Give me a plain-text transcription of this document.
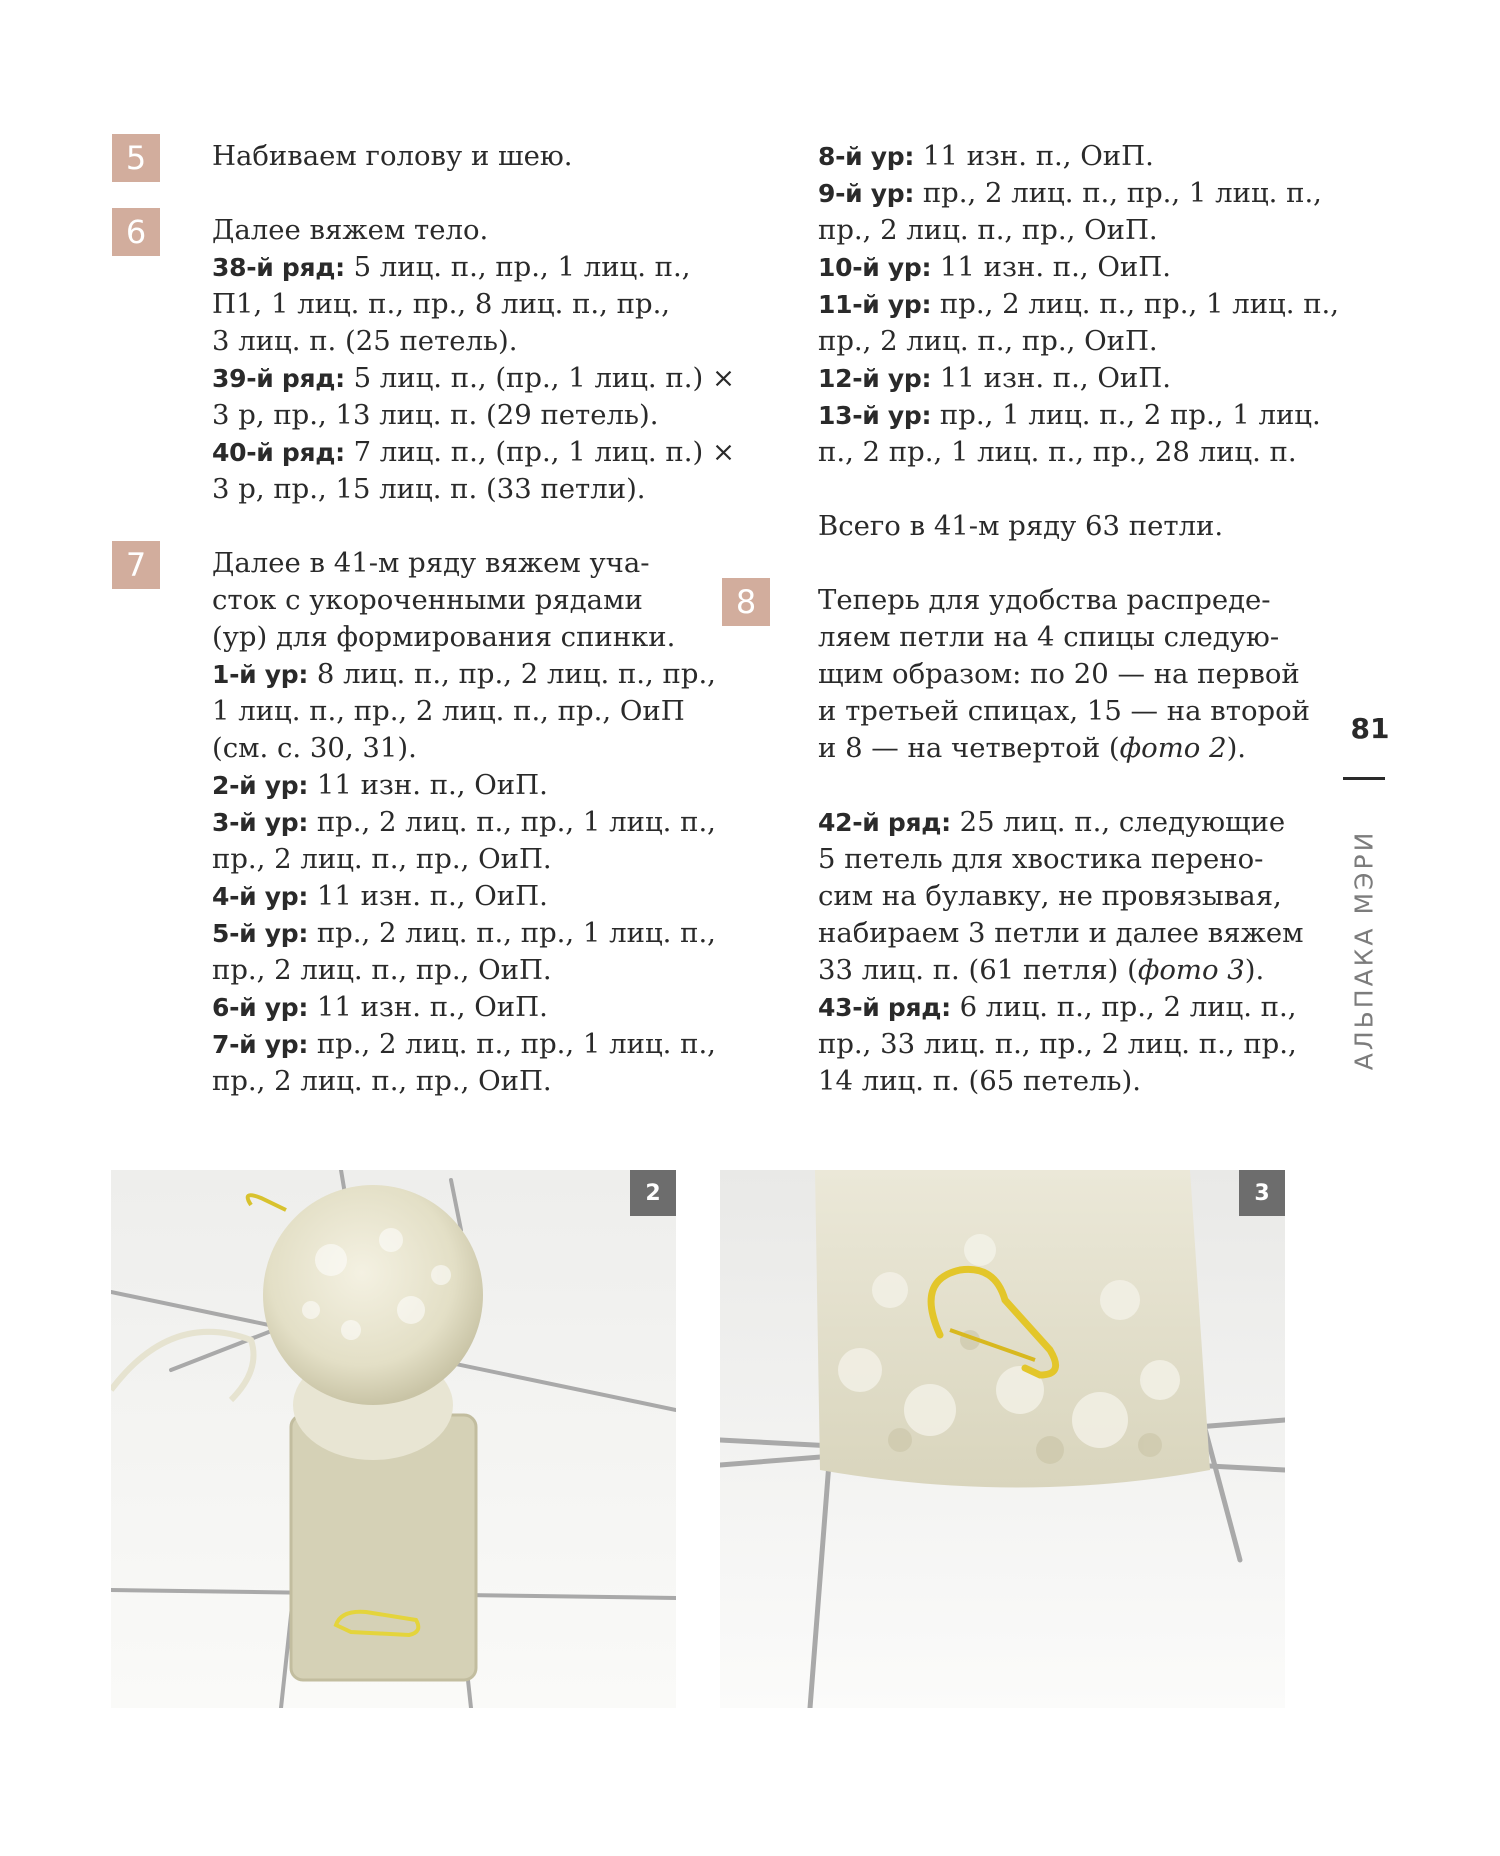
5	Набиваем голову и шею.
6	Далее вяжем тело.
38-й ряд: 5 лиц. п., пр., 1 лиц. п.,
П1, 1 лиц. п., пр., 8 лиц. п., пр.,
3 лиц. п. (25 петель).
39-й ряд: 5 лиц. п., (пр., 1 лиц. п.) ×
3 р, пр., 13 лиц. п. (29 петель).
40-й ряд: 7 лиц. п., (пр., 1 лиц. п.) ×
3 р, пр., 15 лиц. п. (33 петли).
7	Далее в 41-м ряду вяжем уча-
сток с укороченными рядами
(ур) для формирования спинки.
1-й ур: 8 лиц. п., пр., 2 лиц. п., пр.,
1 лиц. п., пр., 2 лиц. п., пр., ОиП
(см. с. 30, 31).
2-й ур: 11 изн. п., ОиП.
3-й ур: пр., 2 лиц. п., пр., 1 лиц. п.,
пр., 2 лиц. п., пр., ОиП.
4-й ур: 11 изн. п., ОиП.
5-й ур: пр., 2 лиц. п., пр., 1 лиц. п.,
пр., 2 лиц. п., пр., ОиП.
6-й ур: 11 изн. п., ОиП.
7-й ур: пр., 2 лиц. п., пр., 1 лиц. п.,
пр., 2 лиц. п., пр., ОиП.
8-й ур: 11 изн. п., ОиП.
9-й ур: пр., 2 лиц. п., пр., 1 лиц. п.,
пр., 2 лиц. п., пр., ОиП.
10-й ур: 11 изн. п., ОиП.
11-й ур: пр., 2 лиц. п., пр., 1 лиц. п.,
пр., 2 лиц. п., пр., ОиП.
12-й ур: 11 изн. п., ОиП.
13-й ур: пр., 1 лиц. п., 2 пр., 1 лиц.
п., 2 пр., 1 лиц. п., пр., 28 лиц. п.
Всего в 41-м ряду 63 петли.
8	Теперь для удобства распреде-
ляем петли на 4 спицы следую-
щим образом: по 20 — на первой
и третьей спицах, 15 — на второй
и 8 — на четвертой (фото 2).
42-й ряд: 25 лиц. п., следующие
5 петель для хвостика перено-
сим на булавку, не провязывая,
набираем 3 петли и далее вяжем
33 лиц. п. (61 петля) (фото 3).
43-й ряд: 6 лиц. п., пр., 2 лиц. п.,
пр., 33 лиц. п., пр., 2 лиц. п., пр.,
14 лиц. п. (65 петель).
81
АЛЬПАКА МЭРИ
2	3
